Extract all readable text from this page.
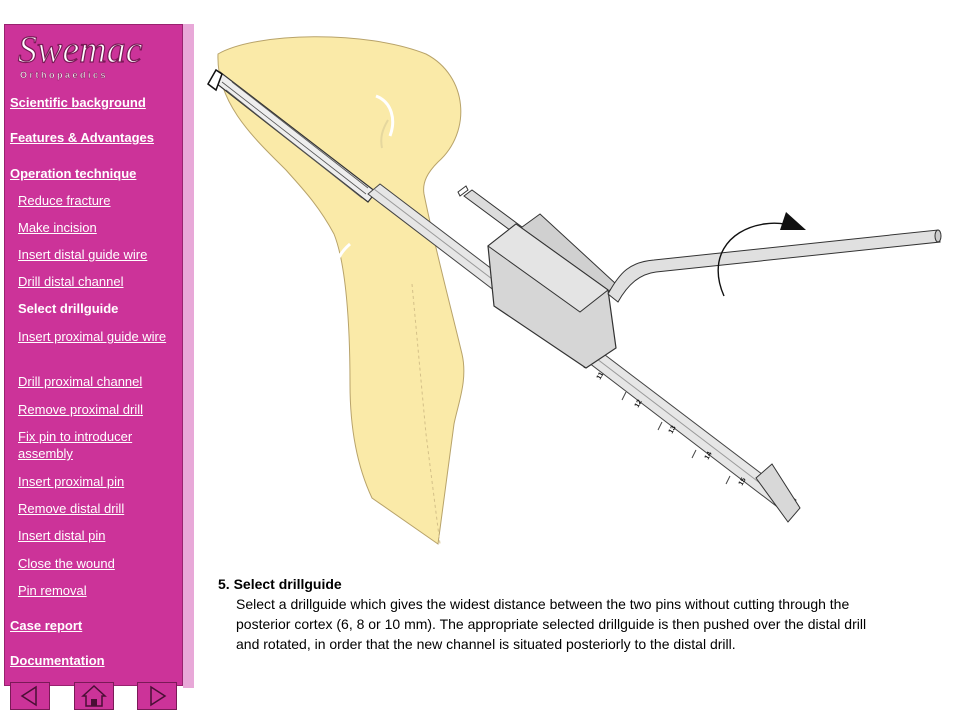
Swemac
O r t h o p a e d i c s
Scientific background
Features & Advantages
Operation technique
Reduce fracture
Make incision
Insert distal guide wire
Drill distal channel
Select drillguide
Insert proximal guide wire
Drill proximal channel
Remove proximal drill
Fix pin to introducer assembly
Insert proximal pin
Remove distal drill
Insert distal pin
Close the wound
Pin removal
Case report
Documentation
11
12
13
14
15
5. Select drillguide
Select a drillguide which gives the widest distance between the two pins without cutting through the posterior cortex (6, 8 or 10 mm). The appropriate selected drillguide is then pushed over the distal drill and rotated, in order that the new channel is situated posteriorly to the distal drill.
